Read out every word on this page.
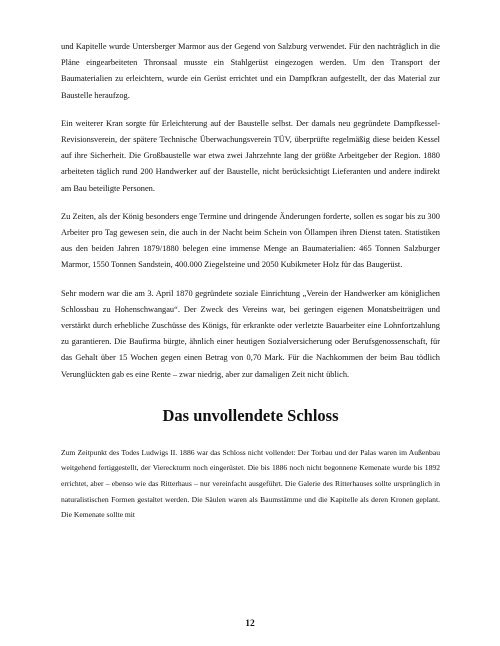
und Kapitelle wurde Untersberger Marmor aus der Gegend von Salzburg verwendet. Für den nachträglich in die Pläne eingearbeiteten Thronsaal musste ein Stahlgerüst eingezogen werden. Um den Transport der Baumaterialien zu erleichtern, wurde ein Gerüst errichtet und ein Dampfkran aufgestellt, der das Material zur Baustelle heraufzog.

Ein weiterer Kran sorgte für Erleichterung auf der Baustelle selbst. Der damals neu gegründete Dampfkessel-Revisionsverein, der spätere Technische Überwachungsverein TÜV, überprüfte regelmäßig diese beiden Kessel auf ihre Sicherheit. Die Großbaustelle war etwa zwei Jahrzehnte lang der größte Arbeitgeber der Region. 1880 arbeiteten täglich rund 200 Handwerker auf der Baustelle, nicht berücksichtigt Lieferanten und andere indirekt am Bau beteiligte Personen.

Zu Zeiten, als der König besonders enge Termine und dringende Änderungen forderte, sollen es sogar bis zu 300 Arbeiter pro Tag gewesen sein, die auch in der Nacht beim Schein von Öllampen ihren Dienst taten. Statistiken aus den beiden Jahren 1879/1880 belegen eine immense Menge an Baumaterialien: 465 Tonnen Salzburger Marmor, 1550 Tonnen Sandstein, 400.000 Ziegelsteine und 2050 Kubikmeter Holz für das Baugerüst.

Sehr modern war die am 3. April 1870 gegründete soziale Einrichtung „Verein der Handwerker am königlichen Schlossbau zu Hohenschwangau“. Der Zweck des Vereins war, bei geringen eigenen Monatsbeiträgen und verstärkt durch erhebliche Zuschüsse des Königs, für erkrankte oder verletzte Bauarbeiter eine Lohnfortzahlung zu garantieren. Die Baufirma bürgte, ähnlich einer heutigen Sozialversicherung oder Berufsgenossenschaft, für das Gehalt über 15 Wochen gegen einen Betrag von 0,70 Mark. Für die Nachkommen der beim Bau tödlich Verunglückten gab es eine Rente – zwar niedrig, aber zur damaligen Zeit nicht üblich.

Das unvollendete Schloss

Zum Zeitpunkt des Todes Ludwigs II. 1886 war das Schloss nicht vollendet: Der Torbau und der Palas waren im Außenbau weitgehend fertiggestellt, der Viereckturm noch eingerüstet. Die bis 1886 noch nicht begonnene Kemenate wurde bis 1892 errichtet, aber – ebenso wie das Ritterhaus – nur vereinfacht ausgeführt. Die Galerie des Ritterhauses sollte ursprünglich in naturalistischen Formen gestaltet werden. Die Säulen waren als Baumstämme und die Kapitelle als deren Kronen geplant. Die Kemenate sollte mit

12
